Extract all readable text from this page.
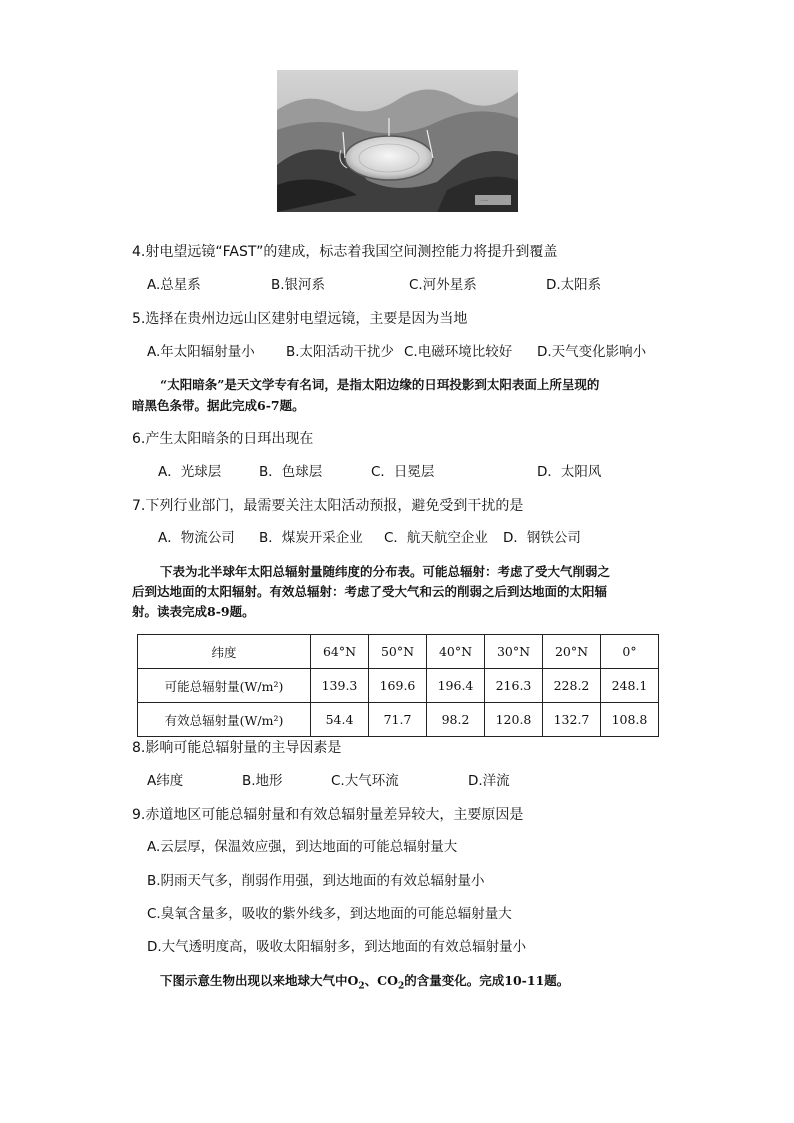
一
4.射电望远镜“FAST”的建成，标志着我国空间测控能力将提升到覆盖
A.总星系	B.银河系	C.河外星系	D.太阳系
5.选择在贵州边远山区建射电望远镜，主要是因为当地
A.年太阳辐射量小 B.太阳活动干扰少 C.电磁环境比较好 D.天气变化影响小
“太阳暗条”是天文学专有名词，是指太阳边缘的日珥投影到太阳表面上所呈现的
暗黑色条带。据此完成6-7题。
6.产生太阳暗条的日珥出现在
A．光球层	B．色球层	C．日冕层	D．太阳风
7.下列行业部门，最需要关注太阳活动预报，避免受到干扰的是
A．物流公司 B．煤炭开采企业 C．航天航空企业 D．钢铁公司
下表为北半球年太阳总辐射量随纬度的分布表。可能总辐射：考虑了受大气削弱之
后到达地面的太阳辐射。有效总辐射：考虑了受大气和云的削弱之后到达地面的太阳辐
射。读表完成8-9题。
纬度	64°N	50°N	40°N	30°N	20°N	0°
可能总辐射量(W/m²)	139.3	169.6	196.4	216.3	228.2	248.1
有效总辐射量(W/m²)	54.4	71.7	98.2	120.8	132.7	108.8
8.影响可能总辐射量的主导因素是
A纬度	B.地形	C.大气环流	D.洋流
9.赤道地区可能总辐射量和有效总辐射量差异较大，主要原因是
A.云层厚，保温效应强，到达地面的可能总辐射量大
B.阴雨天气多，削弱作用强，到达地面的有效总辐射量小
C.臭氧含量多，吸收的紫外线多，到达地面的可能总辐射量大
D.大气透明度高，吸收太阳辐射多，到达地面的有效总辐射量小
下图示意生物出现以来地球大气中$O_2$、$CO_2$的含量变化。完成10-11题。
